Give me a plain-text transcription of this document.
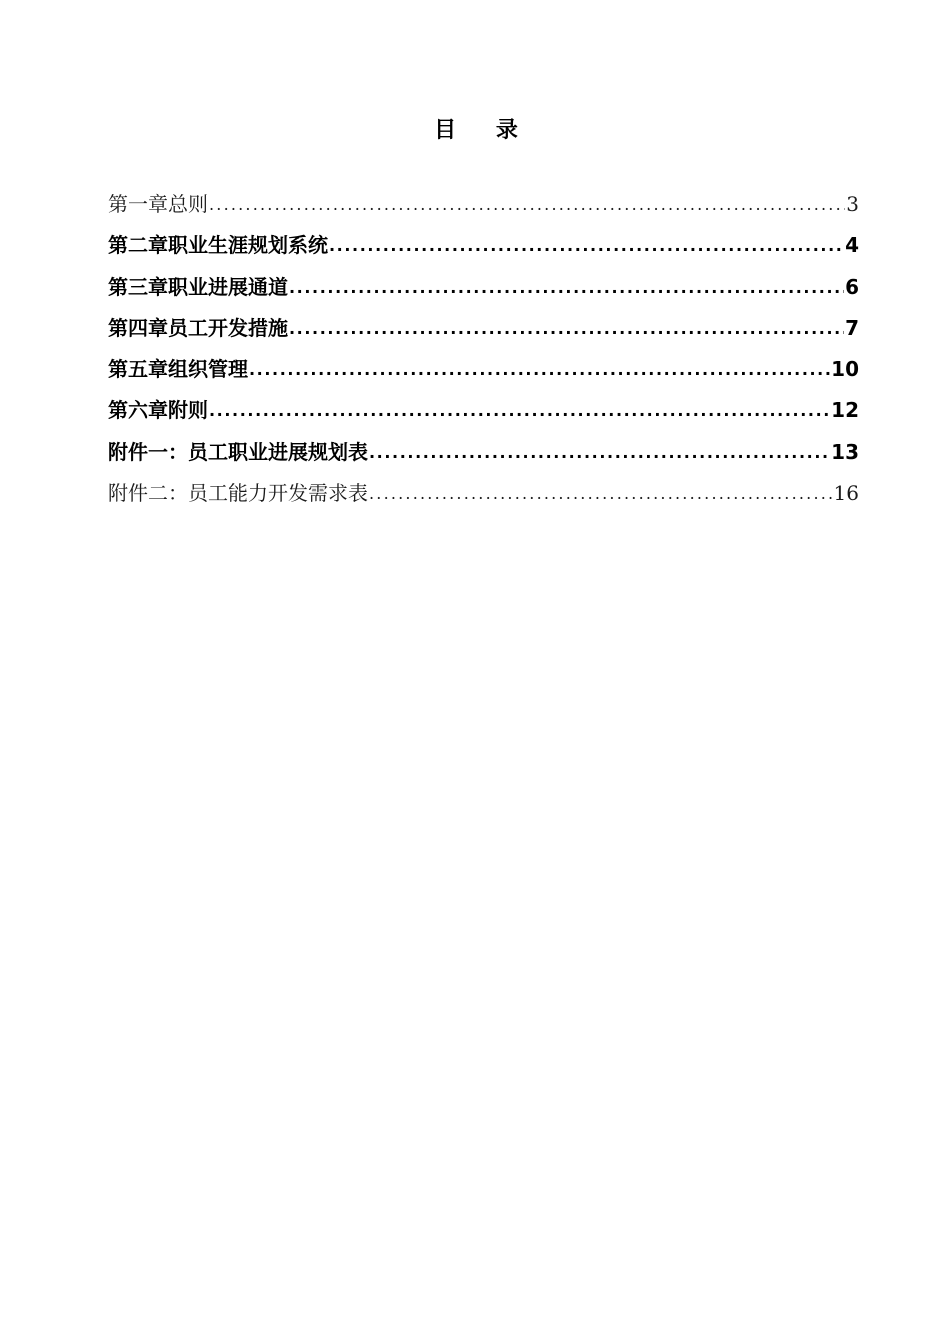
目 录
第一章总则 .....	3
第二章职业生涯规划系统 .....	4
第三章职业进展通道 .....	6
第四章员工开发措施 .....	7
第五章组织管理 .....	10
第六章附则 .....	12
附件一：员工职业进展规划表 .....	13
附件二：员工能力开发需求表 .....	16
